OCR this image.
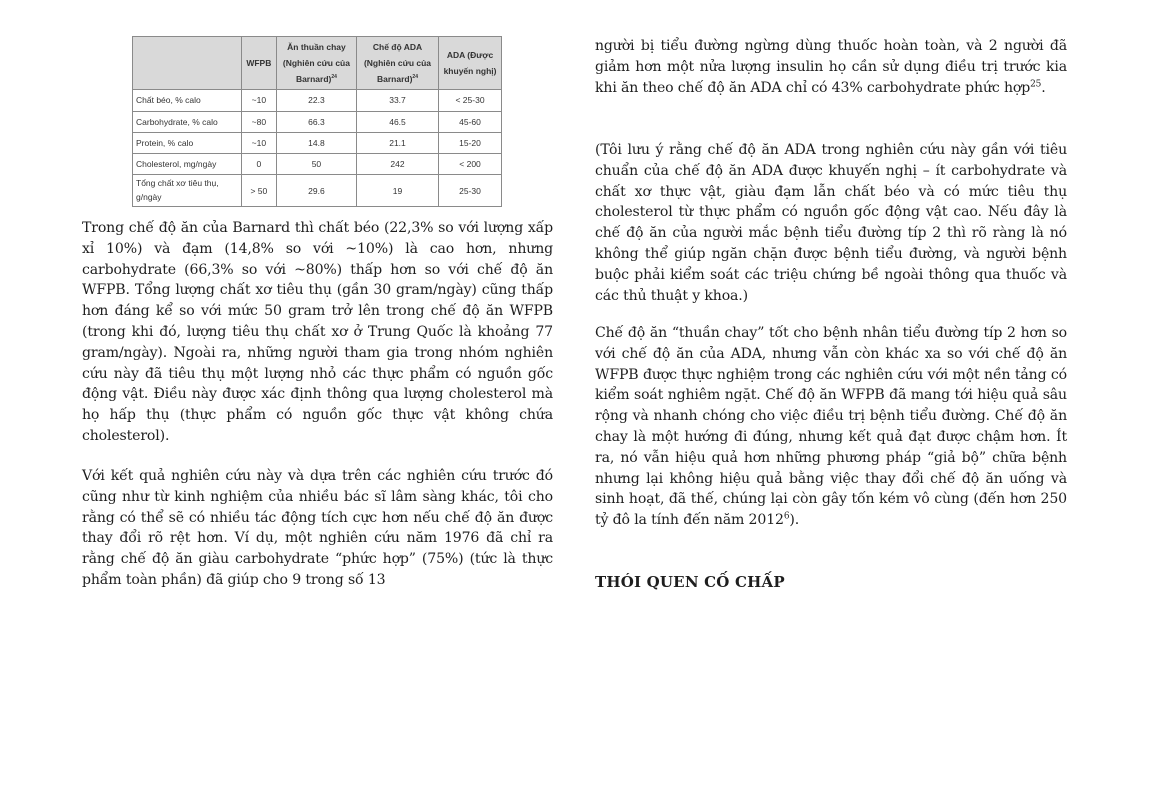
	WFPB	Ăn thuần chay (Nghiên cứu của Barnard)$^{24}$	Chế độ ADA (Nghiên cứu của Barnard)$^{24}$	ADA (Được khuyến nghị)
Chất béo, % calo	~10	22.3	33.7	< 25-30
Carbohydrate, % calo	~80	66.3	46.5	45-60
Protein, % calo	~10	14.8	21.1	15-20
Cholesterol, mg/ngày	0	50	242	< 200
Tổng chất xơ tiêu thụ, g/ngày	> 50	29.6	19	25-30

Trong chế độ ăn của Barnard thì chất béo (22,3% so với lượng xấp xỉ 10%) và đạm (14,8% so với ~10%) là cao hơn, nhưng carbohydrate (66,3% so với ~80%) thấp hơn so với chế độ ăn WFPB. Tổng lượng chất xơ tiêu thụ (gần 30 gram/ngày) cũng thấp hơn đáng kể so với mức 50 gram trở lên trong chế độ ăn WFPB (trong khi đó, lượng tiêu thụ chất xơ ở Trung Quốc là khoảng 77 gram/ngày). Ngoài ra, những người tham gia trong nhóm nghiên cứu này đã tiêu thụ một lượng nhỏ các thực phẩm có nguồn gốc động vật. Điều này được xác định thông qua lượng cholesterol mà họ hấp thụ (thực phẩm có nguồn gốc thực vật không chứa cholesterol).

Với kết quả nghiên cứu này và dựa trên các nghiên cứu trước đó cũng như từ kinh nghiệm của nhiều bác sĩ lâm sàng khác, tôi cho rằng có thể sẽ có nhiều tác động tích cực hơn nếu chế độ ăn được thay đổi rõ rệt hơn. Ví dụ, một nghiên cứu năm 1976 đã chỉ ra rằng chế độ ăn giàu carbohydrate “phức hợp” (75%) (tức là thực phẩm toàn phần) đã giúp cho 9 trong số 13

người bị tiểu đường ngừng dùng thuốc hoàn toàn, và 2 người đã giảm hơn một nửa lượng insulin họ cần sử dụng điều trị trước kia khi ăn theo chế độ ăn ADA chỉ có 43% carbohydrate phức hợp$^{25}$.

(Tôi lưu ý rằng chế độ ăn ADA trong nghiên cứu này gần với tiêu chuẩn của chế độ ăn ADA được khuyến nghị – ít carbohydrate và chất xơ thực vật, giàu đạm lẫn chất béo và có mức tiêu thụ cholesterol từ thực phẩm có nguồn gốc động vật cao. Nếu đây là chế độ ăn của người mắc bệnh tiểu đường típ 2 thì rõ ràng là nó không thể giúp ngăn chặn được bệnh tiểu đường, và người bệnh buộc phải kiểm soát các triệu chứng bề ngoài thông qua thuốc và các thủ thuật y khoa.)

Chế độ ăn “thuần chay” tốt cho bệnh nhân tiểu đường típ 2 hơn so với chế độ ăn của ADA, nhưng vẫn còn khác xa so với chế độ ăn WFPB được thực nghiệm trong các nghiên cứu với một nền tảng có kiểm soát nghiêm ngặt. Chế độ ăn WFPB đã mang tới hiệu quả sâu rộng và nhanh chóng cho việc điều trị bệnh tiểu đường. Chế độ ăn chay là một hướng đi đúng, nhưng kết quả đạt được chậm hơn. Ít ra, nó vẫn hiệu quả hơn những phương pháp “giả bộ” chữa bệnh nhưng lại không hiệu quả bằng việc thay đổi chế độ ăn uống và sinh hoạt, đã thế, chúng lại còn gây tốn kém vô cùng (đến hơn 250 tỷ đô la tính đến năm 2012$^6$).

THÓI QUEN CỐ CHẤP
